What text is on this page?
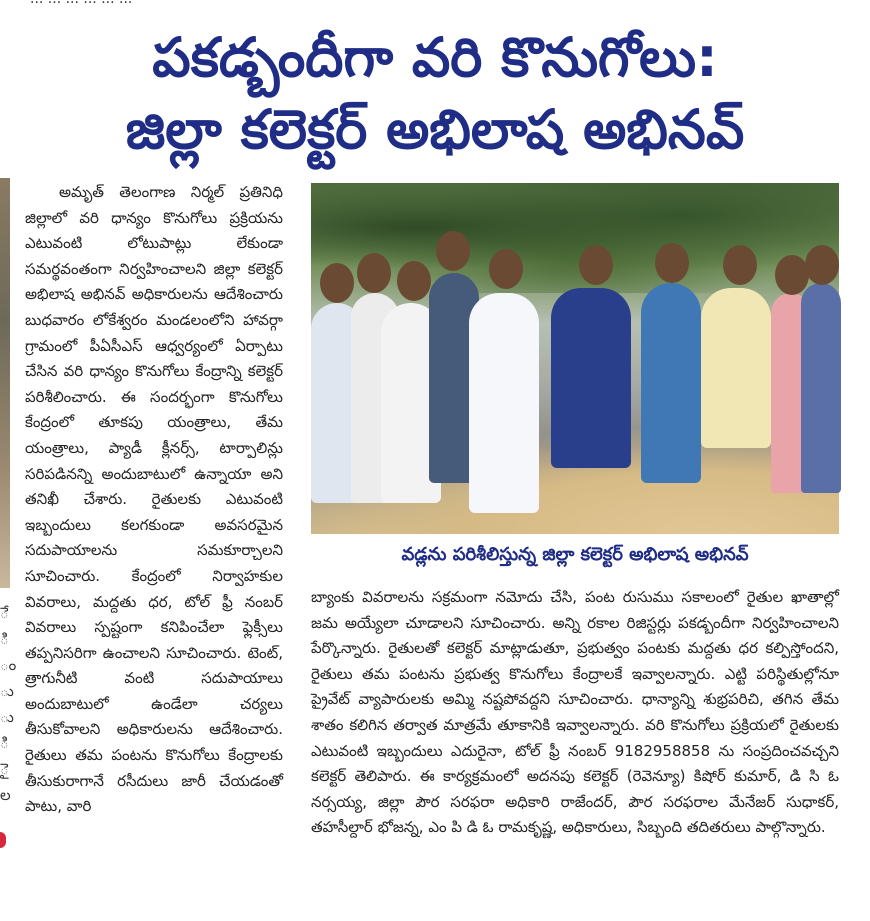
పకడ్బందీగా వరి కొనుగోలు:
జిల్లా కలెక్టర్ అభిలాష అభినవ్
ే ి ం ు ు ి ై ల
అమృత్ తెలంగాణ నిర్మల్ ప్రతినిధి జిల్లాలో వరి ధాన్యం కొనుగోలు ప్రక్రియను ఎటువంటి లోటుపాట్లు లేకుండా సమర్థవంతంగా నిర్వహించాలని జిల్లా కలెక్టర్ అభిలాష అభినవ్ అధికారులను ఆదేశించారు బుధవారం లోకేశ్వరం మండలంలోని హావర్గా గ్రామంలో పీఏసీఎస్ ఆధ్వర్యంలో ఏర్పాటు చేసిన వరి ధాన్యం కొనుగోలు కేంద్రాన్ని కలెక్టర్ పరిశీలించారు. ఈ సందర్భంగా కొనుగోలు కేంద్రంలో తూకపు యంత్రాలు, తేమ యంత్రాలు, ప్యాడీ క్లీనర్స్, టార్పాలిన్లు సరిపడినన్ని అందుబాటులో ఉన్నాయా అని తనిఖీ చేశారు. రైతులకు ఎటువంటి ఇబ్బందులు కలగకుండా అవసరమైన సదుపాయాలను సమకూర్చాలని సూచించారు. కేంద్రంలో నిర్వాహకుల వివరాలు, మద్దతు ధర, టోల్ ఫ్రీ నంబర్ వివరాలు స్పష్టంగా కనిపించేలా ఫ్లెక్సీలు తప్పనిసరిగా ఉంచాలని సూచించారు. టెంట్, త్రాగునీటి వంటి సదుపాయాలు అందుబాటులో ఉండేలా చర్యలు తీసుకోవాలని అధికారులను ఆదేశించారు. రైతులు తమ పంటను కొనుగోలు కేంద్రాలకు తీసుకురాగానే రసీదులు జారీ చేయడంతో పాటు, వారి
వడ్లను పరిశీలిస్తున్న జిల్లా కలెక్టర్ అభిలాష అభినవ్
బ్యాంకు వివరాలను సక్రమంగా నమోదు చేసి, పంట రుసుము సకాలంలో రైతుల ఖాతాల్లో జమ అయ్యేలా చూడాలని సూచించారు. అన్ని రకాల రిజిస్టర్లు పకడ్బందీగా నిర్వహించాలని పేర్కొన్నారు. రైతులతో కలెక్టర్ మాట్లాడుతూ, ప్రభుత్వం పంటకు మద్దతు ధర కల్పిస్తోందని, రైతులు తమ పంటను ప్రభుత్వ కొనుగోలు కేంద్రాలకే ఇవ్వాలన్నారు. ఎట్టి పరిస్థితుల్లోనూ ప్రైవేట్ వ్యాపారులకు అమ్మి నష్టపోవద్దని సూచించారు. ధాన్యాన్ని శుభ్రపరిచి, తగిన తేమ శాతం కలిగిన తర్వాత మాత్రమే తూకానికి ఇవ్వాలన్నారు. వరి కొనుగోలు ప్రక్రియలో రైతులకు ఎటువంటి ఇబ్బందులు ఎదురైనా, టోల్ ఫ్రీ నంబర్ 9182958858 ను సంప్రదించవచ్చని కలెక్టర్ తెలిపారు. ఈ కార్యక్రమంలో అదనపు కలెక్టర్ (రెవెన్యూ) కిషోర్ కుమార్, డి సి ఓ నర్సయ్య, జిల్లా పౌర సరఫరా అధికారి రాజేందర్, పౌర సరఫరాల మేనేజర్ సుధాకర్, తహసీల్దార్ భోజన్న, ఎం పి డి ఓ రామకృష్ణ, అధికారులు, సిబ్బంది తదితరులు పాల్గొన్నారు.
